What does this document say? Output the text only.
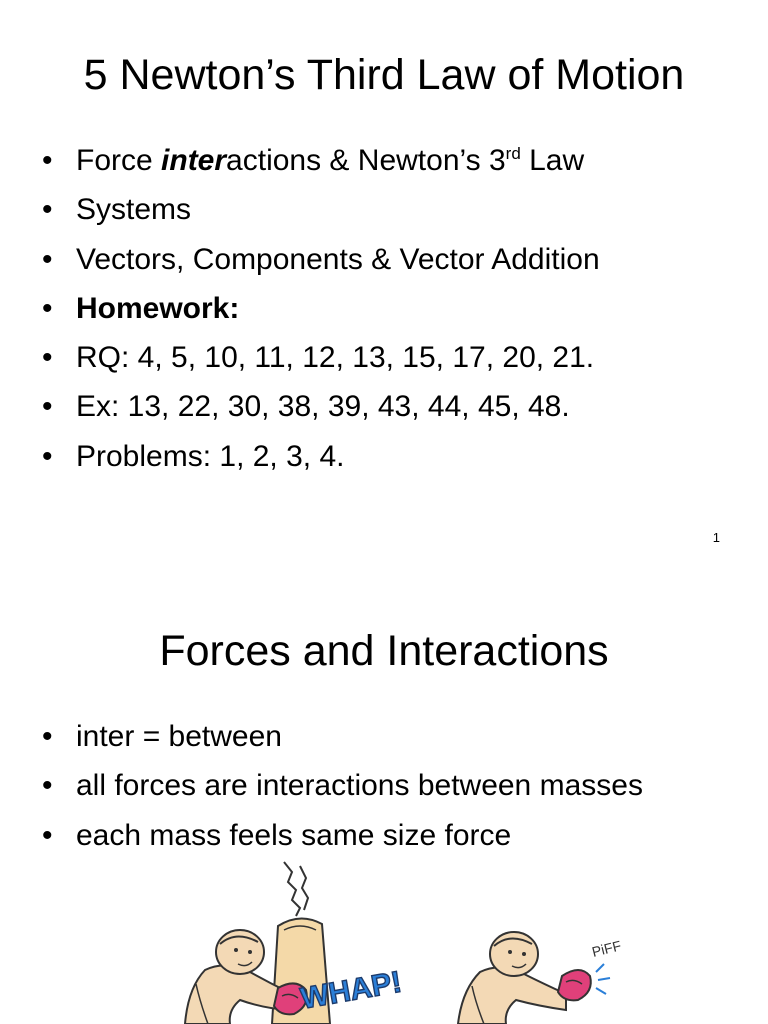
5 Newton’s Third Law of Motion
• Force interactions & Newton’s 3rd Law
• Systems
• Vectors, Components & Vector Addition
• Homework:
• RQ: 4, 5, 10, 11, 12, 13, 15, 17, 20, 21.
• Ex: 13, 22, 30, 38, 39, 43, 44, 45, 48.
• Problems: 1, 2, 3, 4.
1
Forces and Interactions
• inter = between
• all forces are interactions between masses
• each mass feels same size force
WHAP!
PiFF
